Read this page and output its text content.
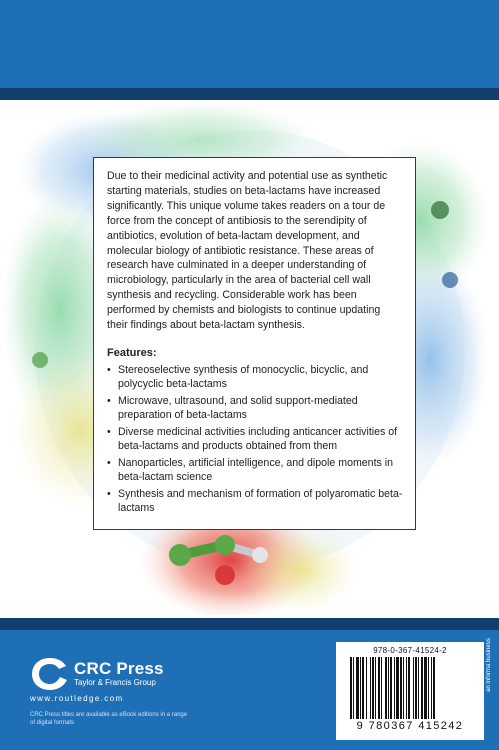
Due to their medicinal activity and potential use as synthetic starting materials, studies on beta-lactams have increased significantly. This unique volume takes readers on a tour de force from the concept of antibiosis to the serendipity of antibiotics, evolution of beta-lactam development, and molecular biology of antibiotic resistance. These areas of research have culminated in a deeper understanding of microbiology, particularly in the area of bacterial cell wall synthesis and recycling. Considerable work has been performed by chemists and biologists to continue updating their findings about beta-lactam synthesis.

Features:
• Stereoselective synthesis of monocyclic, bicyclic, and polycyclic beta-lactams
• Microwave, ultrasound, and solid support-mediated preparation of beta-lactams
• Diverse medicinal activities including anticancer activities of beta-lactams and products obtained from them
• Nanoparticles, artificial intelligence, and dipole moments in beta-lactam science
• Synthesis and mechanism of formation of polyaromatic beta-lactams
CRC CRC Press
Taylor & Francis Group
www.routledge.com
CRC Press titles are available as eBook editions in a range of digital formats
978-0-367-41524-2
9 780367 415242
an informa business
